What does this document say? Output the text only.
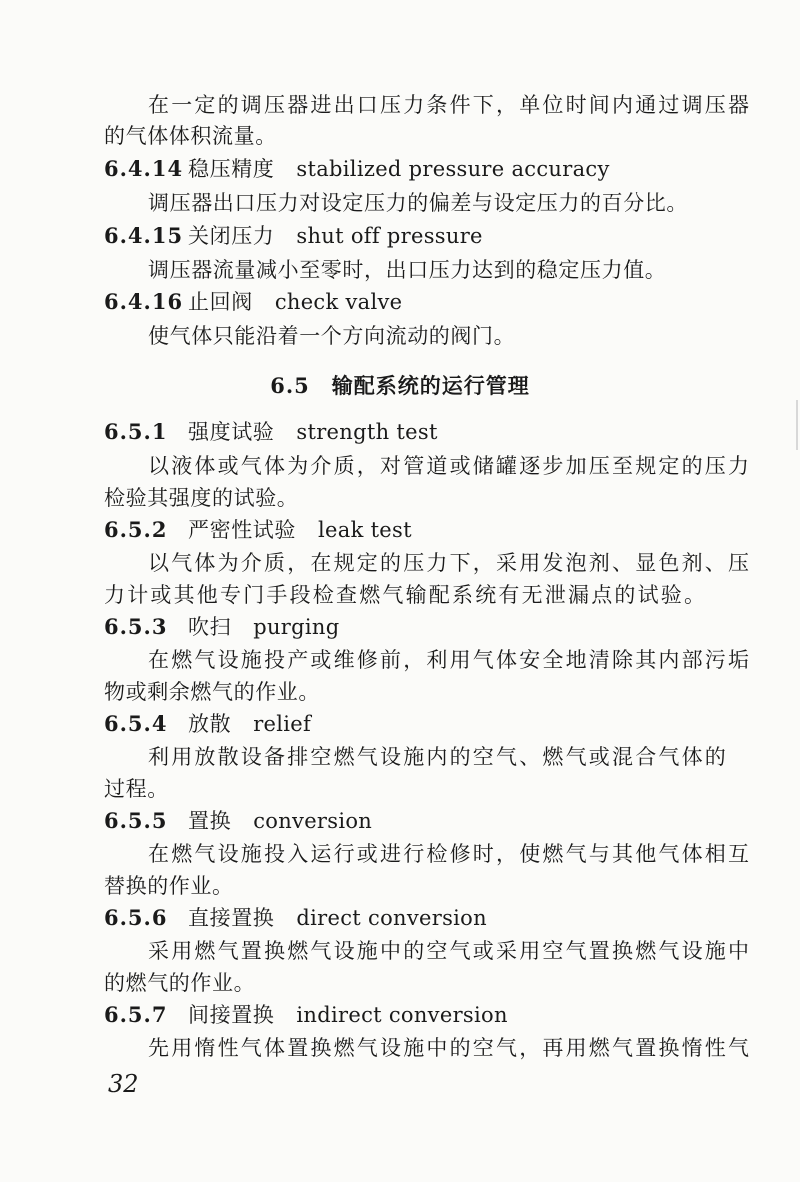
在一定的调压器进出口压力条件下，单位时间内通过调压器
的气体体积流量。
6.4.14 稳压精度 stabilized pressure accuracy
调压器出口压力对设定压力的偏差与设定压力的百分比。
6.4.15 关闭压力 shut off pressure
调压器流量减小至零时，出口压力达到的稳定压力值。
6.4.16 止回阀 check valve
使气体只能沿着一个方向流动的阀门。
6.5　输配系统的运行管理
6.5.1 强度试验 strength test
以液体或气体为介质，对管道或储罐逐步加压至规定的压力
检验其强度的试验。
6.5.2 严密性试验 leak test
以气体为介质，在规定的压力下，采用发泡剂、显色剂、压
力计或其他专门手段检查燃气输配系统有无泄漏点的试验。
6.5.3 吹扫 purging
在燃气设施投产或维修前，利用气体安全地清除其内部污垢
物或剩余燃气的作业。
6.5.4 放散 relief
利用放散设备排空燃气设施内的空气、燃气或混合气体的
过程。
6.5.5 置换 conversion
在燃气设施投入运行或进行检修时，使燃气与其他气体相互
替换的作业。
6.5.6 直接置换 direct conversion
采用燃气置换燃气设施中的空气或采用空气置换燃气设施中
的燃气的作业。
6.5.7 间接置换 indirect conversion
先用惰性气体置换燃气设施中的空气，再用燃气置换惰性气
32
